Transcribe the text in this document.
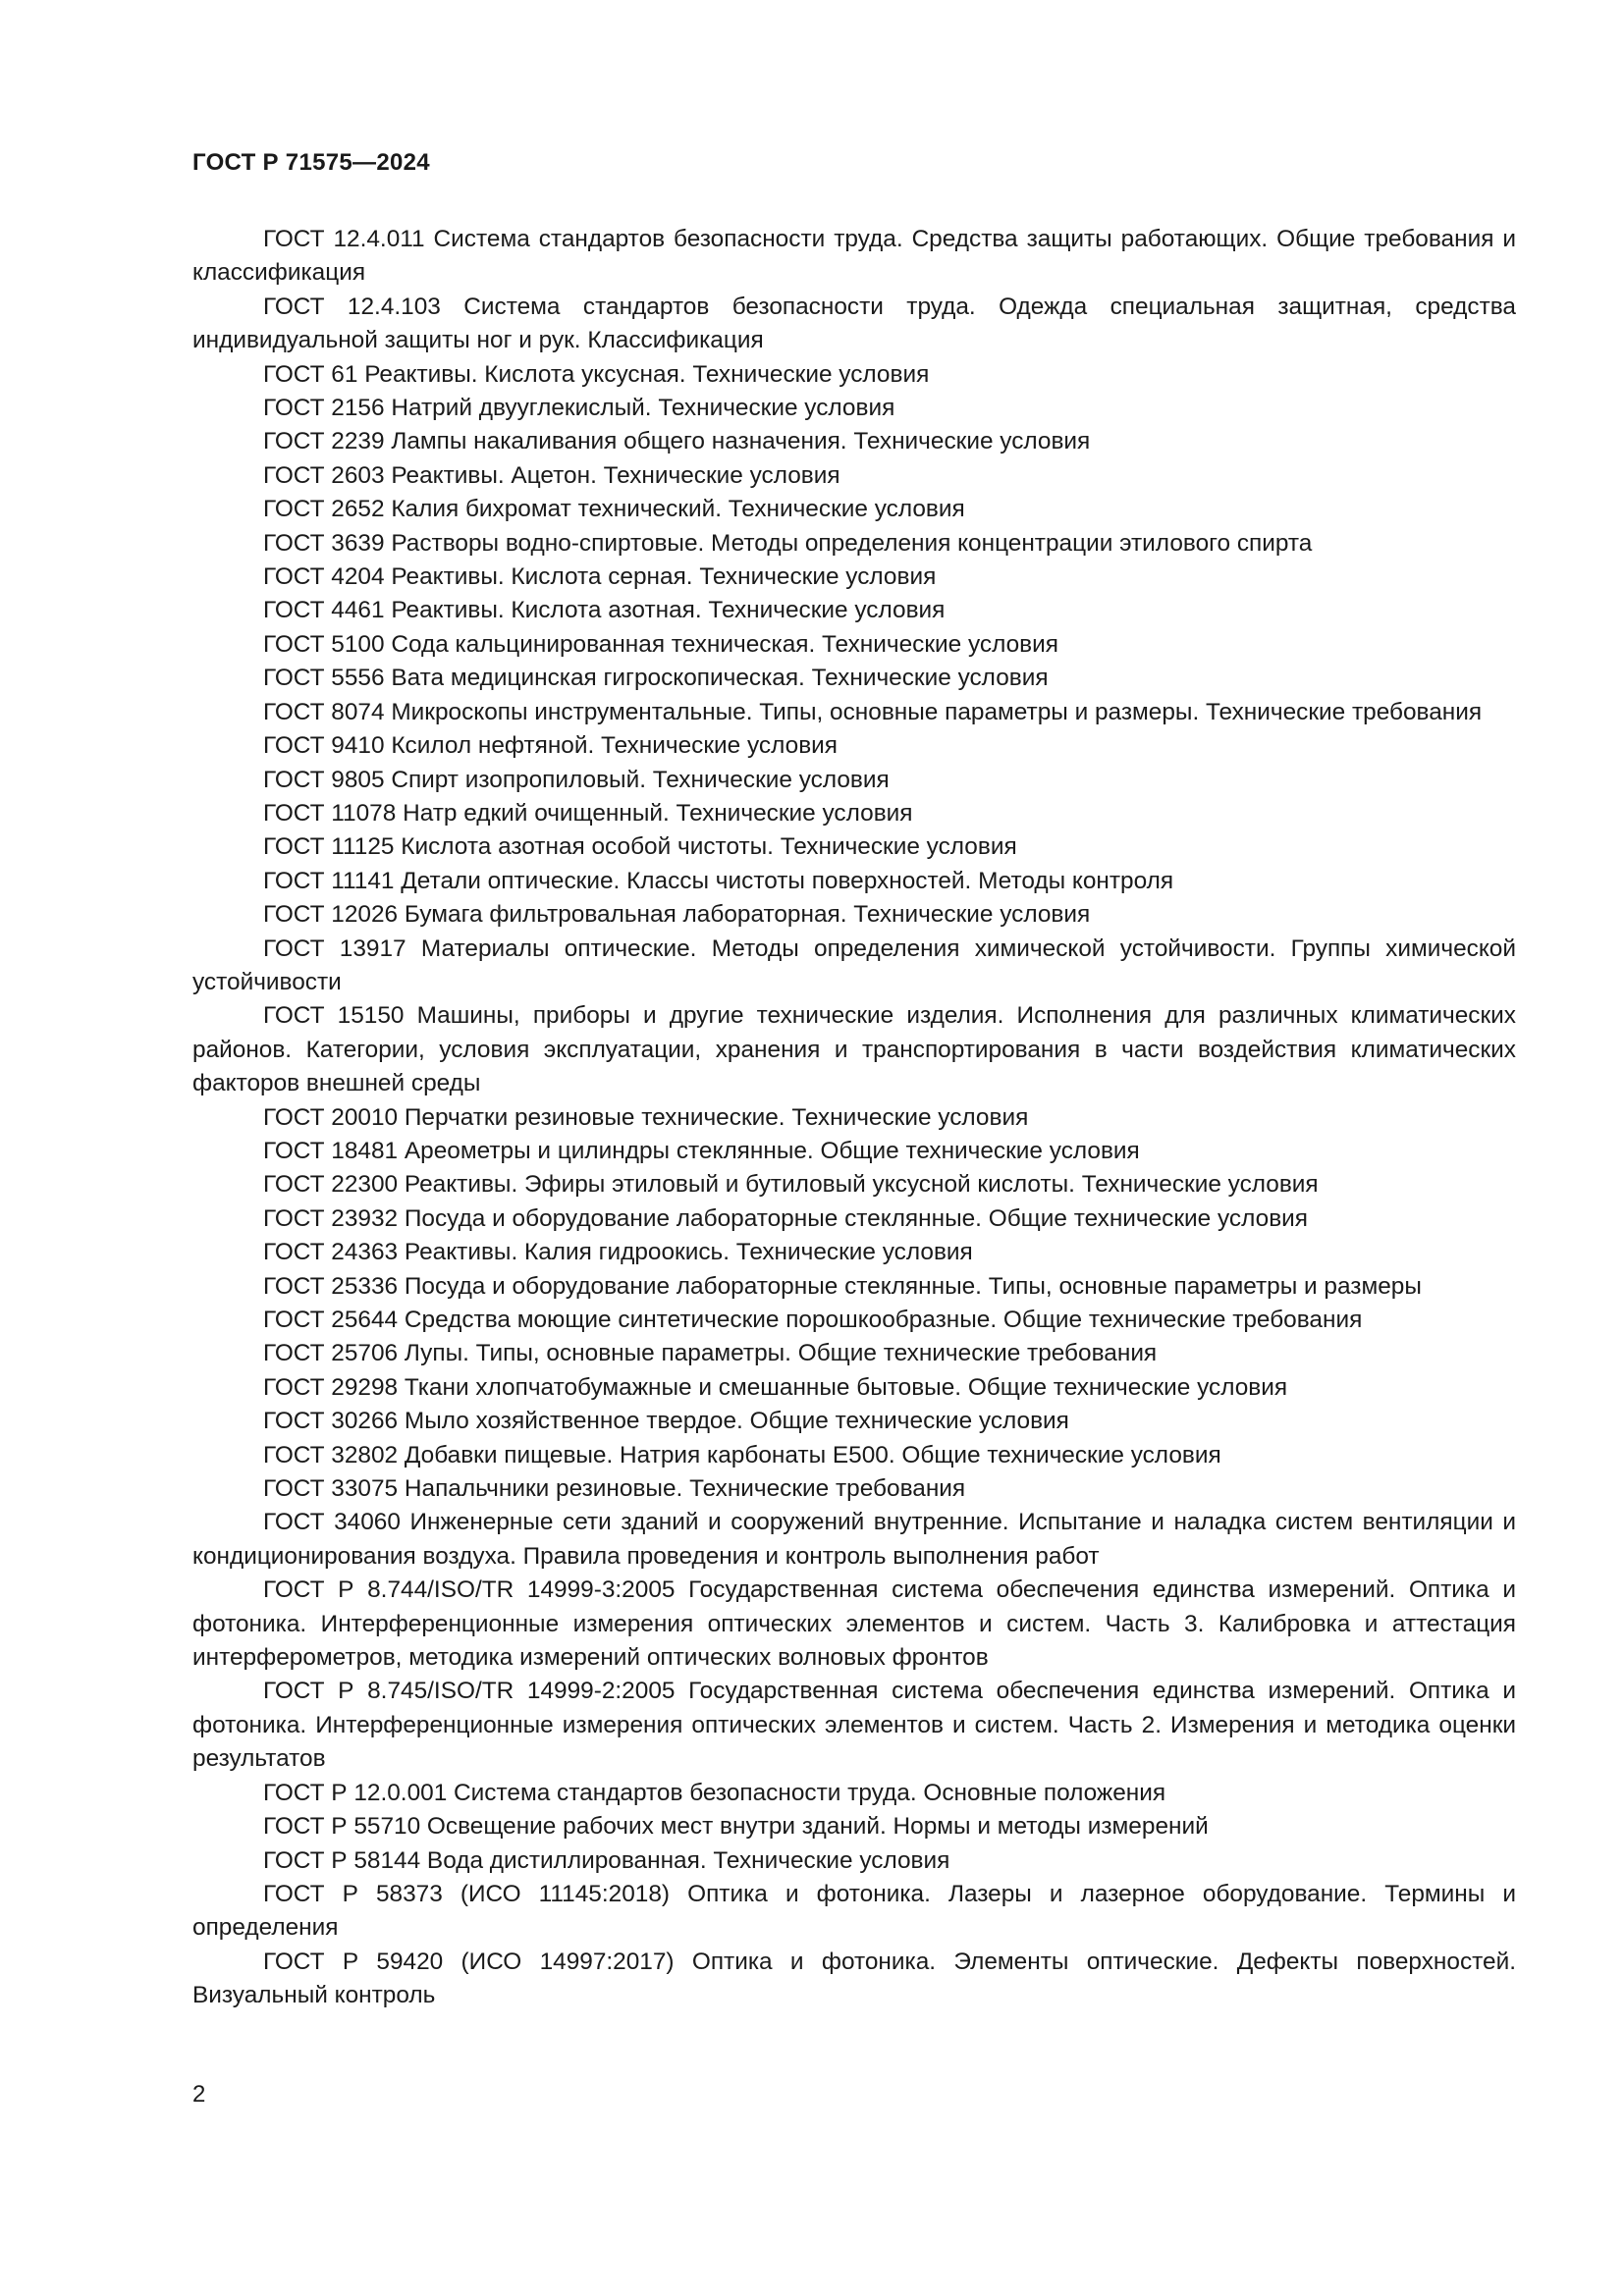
ГОСТ Р 71575—2024

ГОСТ 12.4.011 Система стандартов безопасности труда. Средства защиты работающих. Общие требования и классификация

ГОСТ 12.4.103 Система стандартов безопасности труда. Одежда специальная защитная, средства индивидуальной защиты ног и рук. Классификация

ГОСТ 61 Реактивы. Кислота уксусная. Технические условия

ГОСТ 2156 Натрий двууглекислый. Технические условия

ГОСТ 2239 Лампы накаливания общего назначения. Технические условия

ГОСТ 2603 Реактивы. Ацетон. Технические условия

ГОСТ 2652 Калия бихромат технический. Технические условия

ГОСТ 3639 Растворы водно-спиртовые. Методы определения концентрации этилового спирта

ГОСТ 4204 Реактивы. Кислота серная. Технические условия

ГОСТ 4461 Реактивы. Кислота азотная. Технические условия

ГОСТ 5100 Сода кальцинированная техническая. Технические условия

ГОСТ 5556 Вата медицинская гигроскопическая. Технические условия

ГОСТ 8074 Микроскопы инструментальные. Типы, основные параметры и размеры. Технические требования

ГОСТ 9410 Ксилол нефтяной. Технические условия

ГОСТ 9805 Спирт изопропиловый. Технические условия

ГОСТ 11078 Натр едкий очищенный. Технические условия

ГОСТ 11125 Кислота азотная особой чистоты. Технические условия

ГОСТ 11141 Детали оптические. Классы чистоты поверхностей. Методы контроля

ГОСТ 12026 Бумага фильтровальная лабораторная. Технические условия

ГОСТ 13917 Материалы оптические. Методы определения химической устойчивости. Группы химической устойчивости

ГОСТ 15150 Машины, приборы и другие технические изделия. Исполнения для различных климатических районов. Категории, условия эксплуатации, хранения и транспортирования в части воздействия климатических факторов внешней среды

ГОСТ 20010 Перчатки резиновые технические. Технические условия

ГОСТ 18481 Ареометры и цилиндры стеклянные. Общие технические условия

ГОСТ 22300 Реактивы. Эфиры этиловый и бутиловый уксусной кислоты. Технические условия

ГОСТ 23932 Посуда и оборудование лабораторные стеклянные. Общие технические условия

ГОСТ 24363 Реактивы. Калия гидроокись. Технические условия

ГОСТ 25336 Посуда и оборудование лабораторные стеклянные. Типы, основные параметры и размеры

ГОСТ 25644 Средства моющие синтетические порошкообразные. Общие технические требования

ГОСТ 25706 Лупы. Типы, основные параметры. Общие технические требования

ГОСТ 29298 Ткани хлопчатобумажные и смешанные бытовые. Общие технические условия

ГОСТ 30266 Мыло хозяйственное твердое. Общие технические условия

ГОСТ 32802 Добавки пищевые. Натрия карбонаты Е500. Общие технические условия

ГОСТ 33075 Напальчники резиновые. Технические требования

ГОСТ 34060 Инженерные сети зданий и сооружений внутренние. Испытание и наладка систем вентиляции и кондиционирования воздуха. Правила проведения и контроль выполнения работ

ГОСТ Р 8.744/ISO/TR 14999-3:2005 Государственная система обеспечения единства измерений. Оптика и фотоника. Интерференционные измерения оптических элементов и систем. Часть 3. Калибровка и аттестация интерферометров, методика измерений оптических волновых фронтов

ГОСТ Р 8.745/ISO/TR 14999-2:2005 Государственная система обеспечения единства измерений. Оптика и фотоника. Интерференционные измерения оптических элементов и систем. Часть 2. Измерения и методика оценки результатов

ГОСТ Р 12.0.001 Система стандартов безопасности труда. Основные положения

ГОСТ Р 55710 Освещение рабочих мест внутри зданий. Нормы и методы измерений

ГОСТ Р 58144 Вода дистиллированная. Технические условия

ГОСТ Р 58373 (ИСО 11145:2018) Оптика и фотоника. Лазеры и лазерное оборудование. Термины и определения

ГОСТ Р 59420 (ИСО 14997:2017) Оптика и фотоника. Элементы оптические. Дефекты поверхностей. Визуальный контроль

2
